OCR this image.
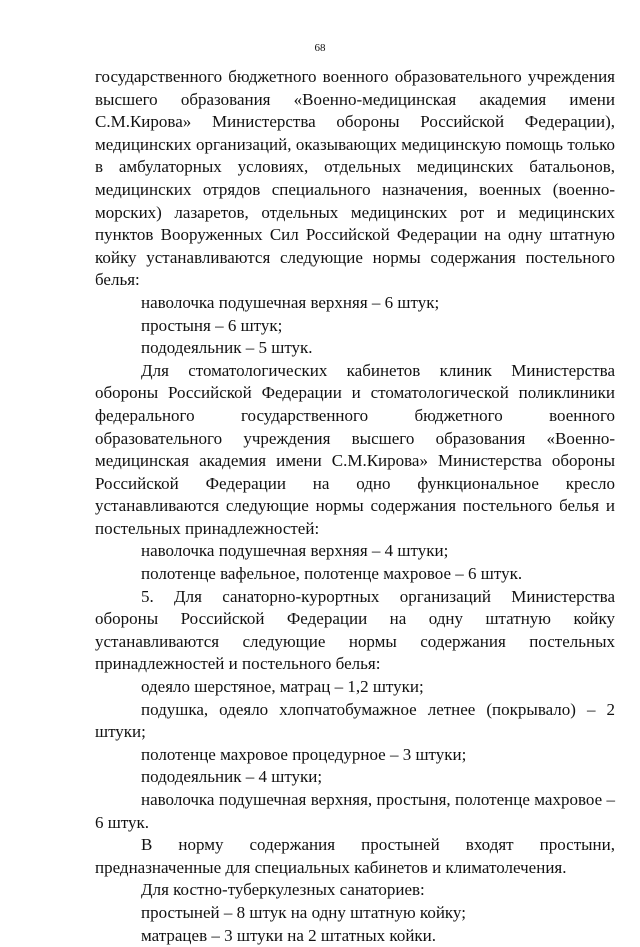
68

государственного бюджетного военного образовательного учреждения высшего образования «Военно-медицинская академия имени С.М.Кирова» Министерства обороны Российской Федерации), медицинских организаций, оказывающих медицинскую помощь только в амбулаторных условиях, отдельных медицинских батальонов, медицинских отрядов специального назначения, военных (военно-морских) лазаретов, отдельных медицинских рот и медицинских пунктов Вооруженных Сил Российской Федерации на одну штатную койку устанавливаются следующие нормы содержания постельного белья:

наволочка подушечная верхняя – 6 штук;

простыня – 6 штук;

пододеяльник – 5 штук.

Для стоматологических кабинетов клиник Министерства обороны Российской Федерации и стоматологической поликлиники федерального государственного бюджетного военного образовательного учреждения высшего образования «Военно-медицинская академия имени С.М.Кирова» Министерства обороны Российской Федерации на одно функциональное кресло устанавливаются следующие нормы содержания постельного белья и постельных принадлежностей:

наволочка подушечная верхняя – 4 штуки;

полотенце вафельное, полотенце махровое – 6 штук.

5. Для санаторно-курортных организаций Министерства обороны Российской Федерации на одну штатную койку устанавливаются следующие нормы содержания постельных принадлежностей и постельного белья:

одеяло шерстяное, матрац – 1,2 штуки;

подушка, одеяло хлопчатобумажное летнее (покрывало) – 2 штуки;

полотенце махровое процедурное – 3 штуки;

пододеяльник – 4 штуки;

наволочка подушечная верхняя, простыня, полотенце махровое – 6 штук.

В норму содержания простыней входят простыни, предназначенные для специальных кабинетов и климатолечения.

Для костно-туберкулезных санаториев:

простыней – 8 штук на одну штатную койку;

матрацев – 3 штуки на 2 штатных койки.
